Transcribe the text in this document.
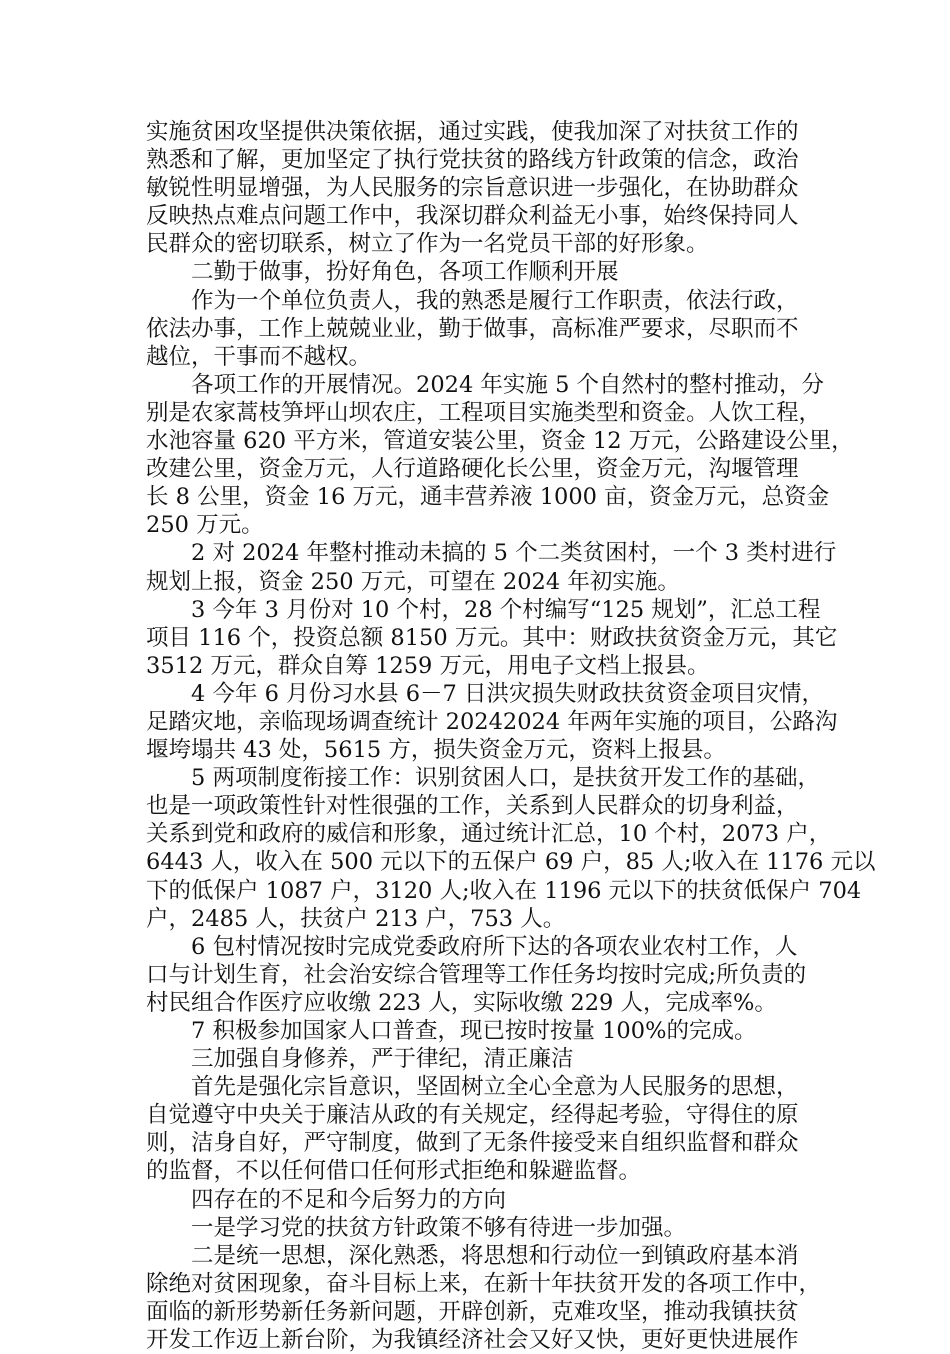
实施贫困攻坚提供决策依据，通过实践，使我加深了对扶贫工作的

熟悉和了解，更加坚定了执行党扶贫的路线方针政策的信念，政治

敏锐性明显增强，为人民服务的宗旨意识进一步强化，在协助群众

反映热点难点问题工作中，我深切群众利益无小事，始终保持同人

民群众的密切联系，树立了作为一名党员干部的好形象。

二勤于做事，扮好角色，各项工作顺利开展

作为一个单位负责人，我的熟悉是履行工作职责，依法行政，

依法办事，工作上兢兢业业，勤于做事，高标准严要求，尽职而不

越位，干事而不越权。

各项工作的开展情况。2024 年实施 5 个自然村的整村推动，分

别是农家蒿枝笋坪山坝农庄，工程项目实施类型和资金。人饮工程，

水池容量 620 平方米，管道安装公里，资金 12 万元，公路建设公里，

改建公里，资金万元，人行道路硬化长公里，资金万元，沟堰管理

长 8 公里，资金 16 万元，通丰营养液 1000 亩，资金万元，总资金

250 万元。

2 对 2024 年整村推动未搞的 5 个二类贫困村，一个 3 类村进行

规划上报，资金 250 万元，可望在 2024 年初实施。

3 今年 3 月份对 10 个村，28 个村编写“125 规划”，汇总工程

项目 116 个，投资总额 8150 万元。其中：财政扶贫资金万元，其它

3512 万元，群众自筹 1259 万元，用电子文档上报县。

4 今年 6 月份习水县 6－7 日洪灾损失财政扶贫资金项目灾情，

足踏灾地，亲临现场调查统计 20242024 年两年实施的项目，公路沟

堰垮塌共 43 处，5615 方，损失资金万元，资料上报县。

5 两项制度衔接工作：识别贫困人口，是扶贫开发工作的基础，

也是一项政策性针对性很强的工作，关系到人民群众的切身利益，

关系到党和政府的威信和形象，通过统计汇总，10 个村，2073 户，

6443 人，收入在 500 元以下的五保户 69 户，85 人;收入在 1176 元以

下的低保户 1087 户，3120 人;收入在 1196 元以下的扶贫低保户 704

户，2485 人，扶贫户 213 户，753 人。

6 包村情况按时完成党委政府所下达的各项农业农村工作，人

口与计划生育，社会治安综合管理等工作任务均按时完成;所负责的

村民组合作医疗应收缴 223 人，实际收缴 229 人，完成率%。

7 积极参加国家人口普查，现已按时按量 100%的完成。

三加强自身修养，严于律纪，清正廉洁

首先是强化宗旨意识，坚固树立全心全意为人民服务的思想，

自觉遵守中央关于廉洁从政的有关规定，经得起考验，守得住的原

则，洁身自好，严守制度，做到了无条件接受来自组织监督和群众

的监督，不以任何借口任何形式拒绝和躲避监督。

四存在的不足和今后努力的方向

一是学习党的扶贫方针政策不够有待进一步加强。

二是统一思想，深化熟悉，将思想和行动位一到镇政府基本消

除绝对贫困现象，奋斗目标上来，在新十年扶贫开发的各项工作中，

面临的新形势新任务新问题，开辟创新，克难攻坚，推动我镇扶贫

开发工作迈上新台阶，为我镇经济社会又好又快，更好更快进展作
